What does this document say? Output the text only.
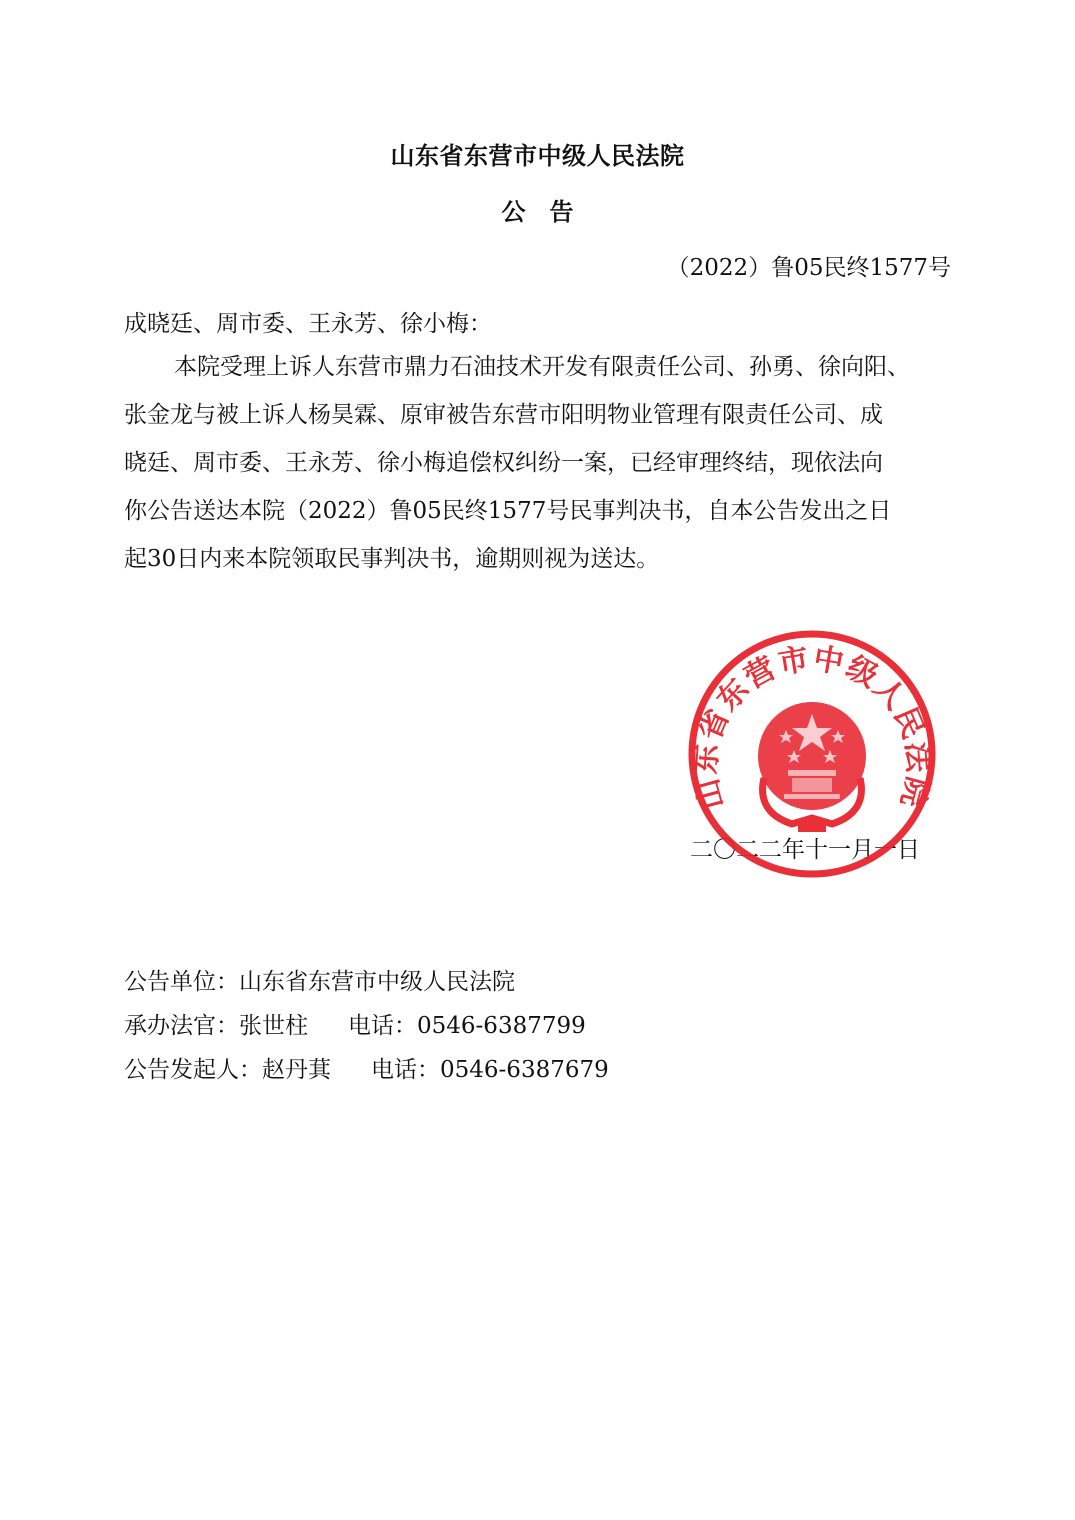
山东省东营市中级人民法院
公告
（2022）鲁05民终1577号
成晓廷、周市委、王永芳、徐小梅：
本院受理上诉人东营市鼎力石油技术开发有限责任公司、孙勇、徐向阳、
张金龙与被上诉人杨昊霖、原审被告东营市阳明物业管理有限责任公司、成
晓廷、周市委、王永芳、徐小梅追偿权纠纷一案，已经审理终结，现依法向
你公告送达本院（2022）鲁05民终1577号民事判决书，自本公告发出之日
起30日内来本院领取民事判决书，逾期则视为送达。
二〇二二年十一月一日
山东省东营市中级人民法院
公告单位：山东省东营市中级人民法院
承办法官：张世柱 电话：0546-6387799
公告发起人：赵丹萁 电话：0546-6387679
